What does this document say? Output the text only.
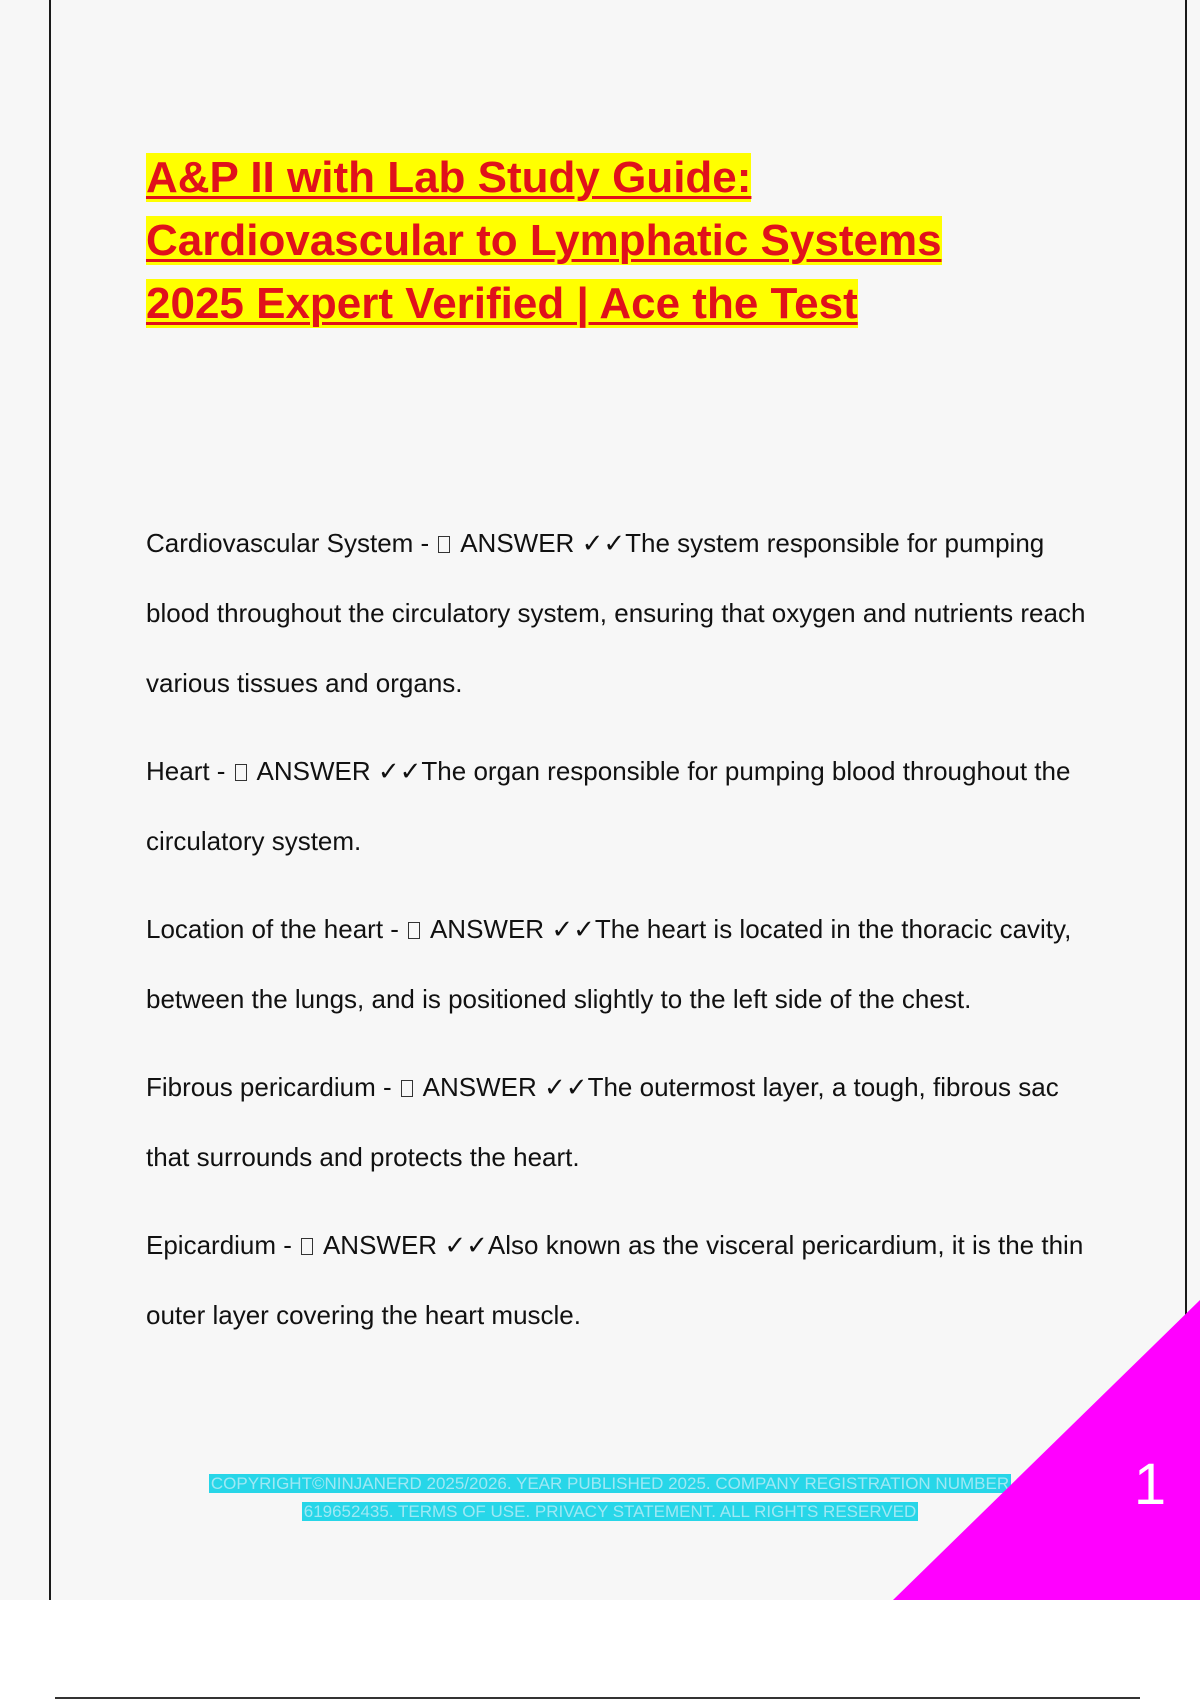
A&P II with Lab Study Guide:
Cardiovascular to Lymphatic Systems
2025 Expert Verified | Ace the Test

Cardiovascular System -  ANSWER ✓✓The system responsible for pumping blood throughout the circulatory system, ensuring that oxygen and nutrients reach various tissues and organs.

Heart -  ANSWER ✓✓The organ responsible for pumping blood throughout the circulatory system.

Location of the heart -  ANSWER ✓✓The heart is located in the thoracic cavity, between the lungs, and is positioned slightly to the left side of the chest.

Fibrous pericardium -  ANSWER ✓✓The outermost layer, a tough, fibrous sac that surrounds and protects the heart.

Epicardium -  ANSWER ✓✓Also known as the visceral pericardium, it is the thin outer layer covering the heart muscle.

COPYRIGHT©NINJANERD 2025/2026. YEAR PUBLISHED 2025. COMPANY REGISTRATION NUMBER
619652435. TERMS OF USE. PRIVACY STATEMENT. ALL RIGHTS RESERVED	1
